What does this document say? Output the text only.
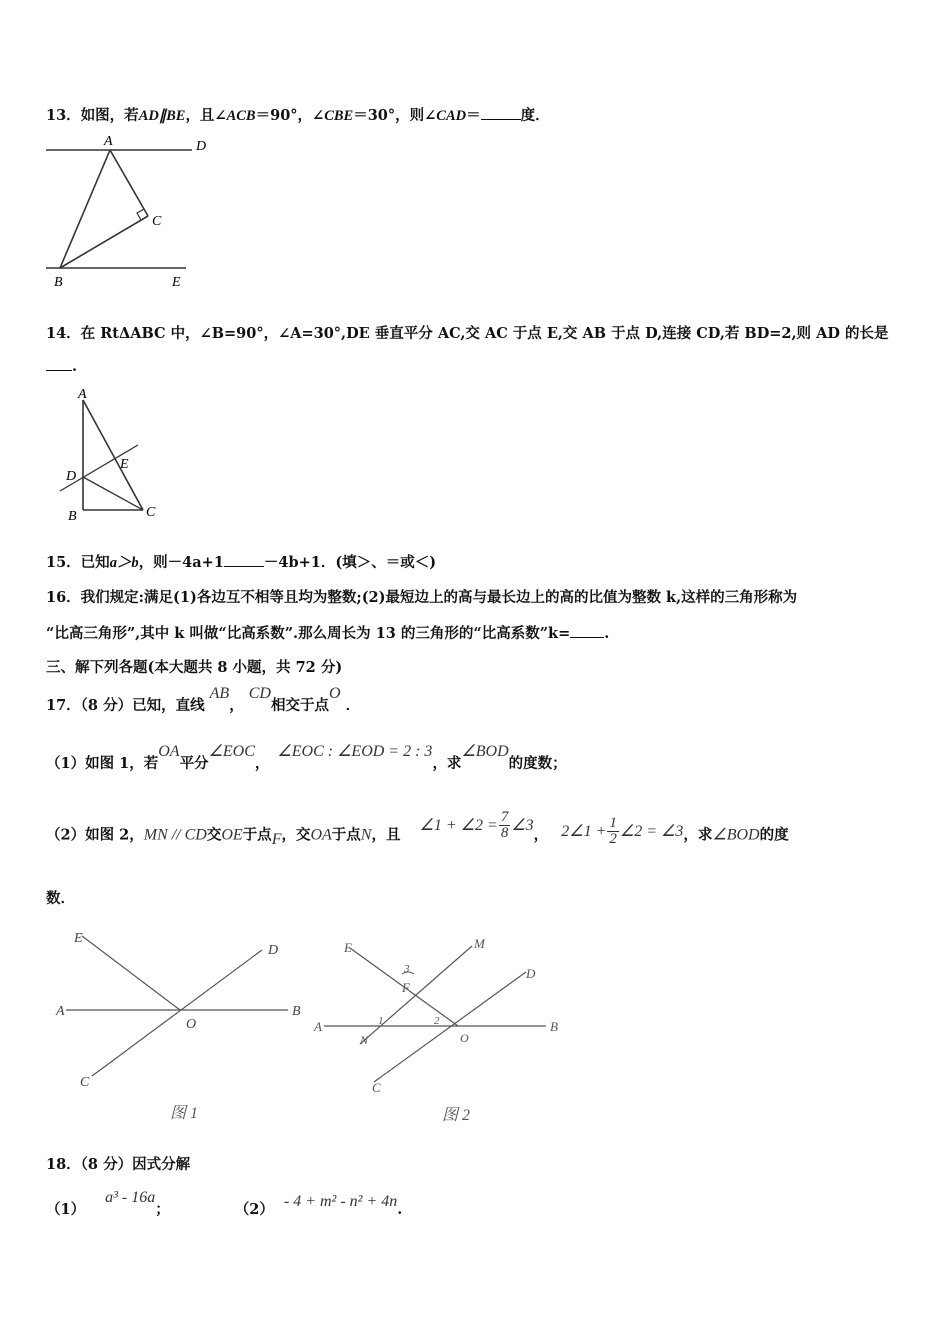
13．如图，若AD∥BE，且∠ACB＝90°，∠CBE＝30°，则∠CAD＝	度．
A	D
C
B	E
14．在 RtΔABC 中，∠B=90°，∠A=30°,DE 垂直平分 AC,交 AC 于点 E,交 AB 于点 D,连接 CD,若 BD=2,则 AD 的长是
.
A
D
E
B	C
15．已知a＞b，则－4a+1	－4b+1．(填＞、＝或＜)
16．我们规定:满足(1)各边互不相等且均为整数;(2)最短边上的高与最长边上的高的比值为整数 k,这样的三角形称为
“比高三角形”,其中 k 叫做“比高系数”.那么周长为 13 的三角形的“比高系数”k= .
三、解下列各题(本大题共 8 小题，共 72 分)
17．（8 分）已知，直线 AB， CD相交于点O ．
（1）如图 1，若OA平分∠EOC，∠EOC : ∠EOD = 2 : 3，求∠BOD的度数；
（2）如图 2，MN // CD交OE于点F，交OA于点N，且 ∠1 + ∠2 = $\frac{7}{8}$ ∠3， 2∠1 + $\frac{1}{2}$ ∠2 = ∠3，求∠BOD的度
数．
E
D
A	B
O
C
图 1
E	M
D
3
F
A	1	2	B
N	O
C
图 2
18．（8 分）因式分解
（1）a³ - 16a；	（2） - 4 + m² - n² + 4n.
